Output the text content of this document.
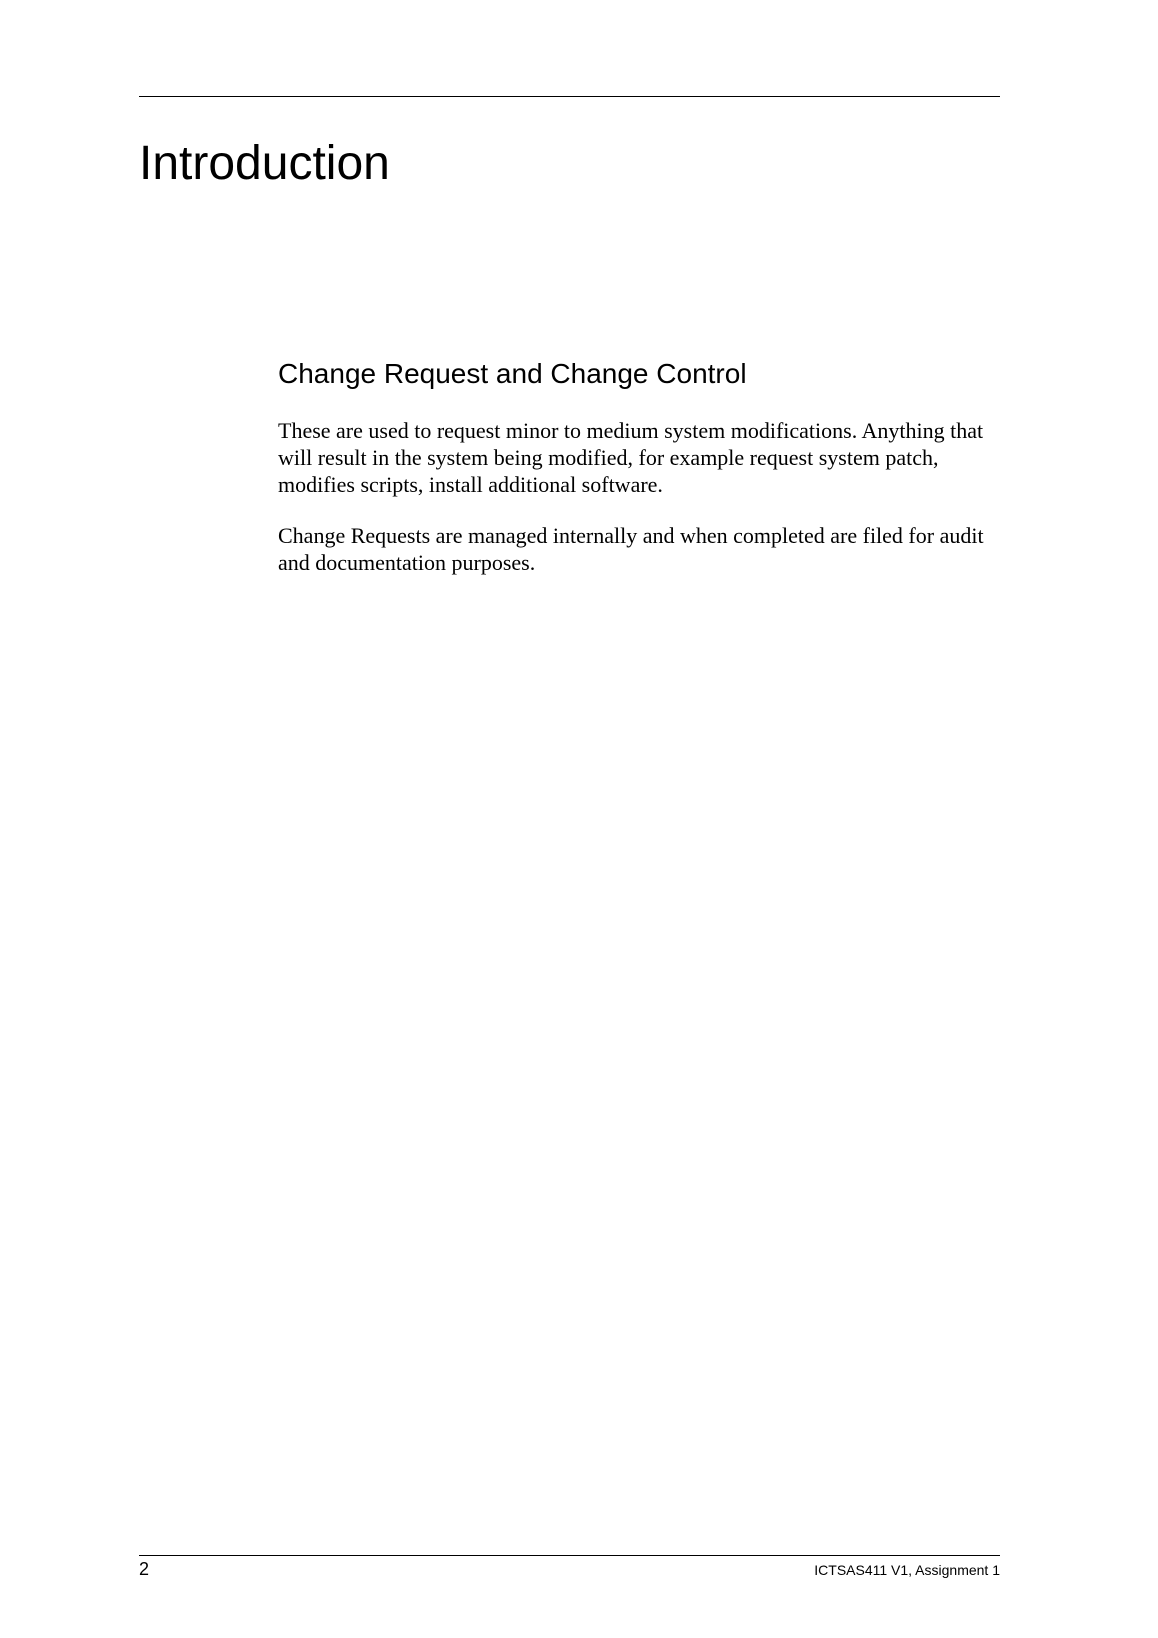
Introduction
Change Request and Change Control

These are used to request minor to medium system modifications. Anything that will result in the system being modified, for example request system patch, modifies scripts, install additional software.

Change Requests are managed internally and when completed are filed for audit and documentation purposes.

2	ICTSAS411 V1, Assignment 1
